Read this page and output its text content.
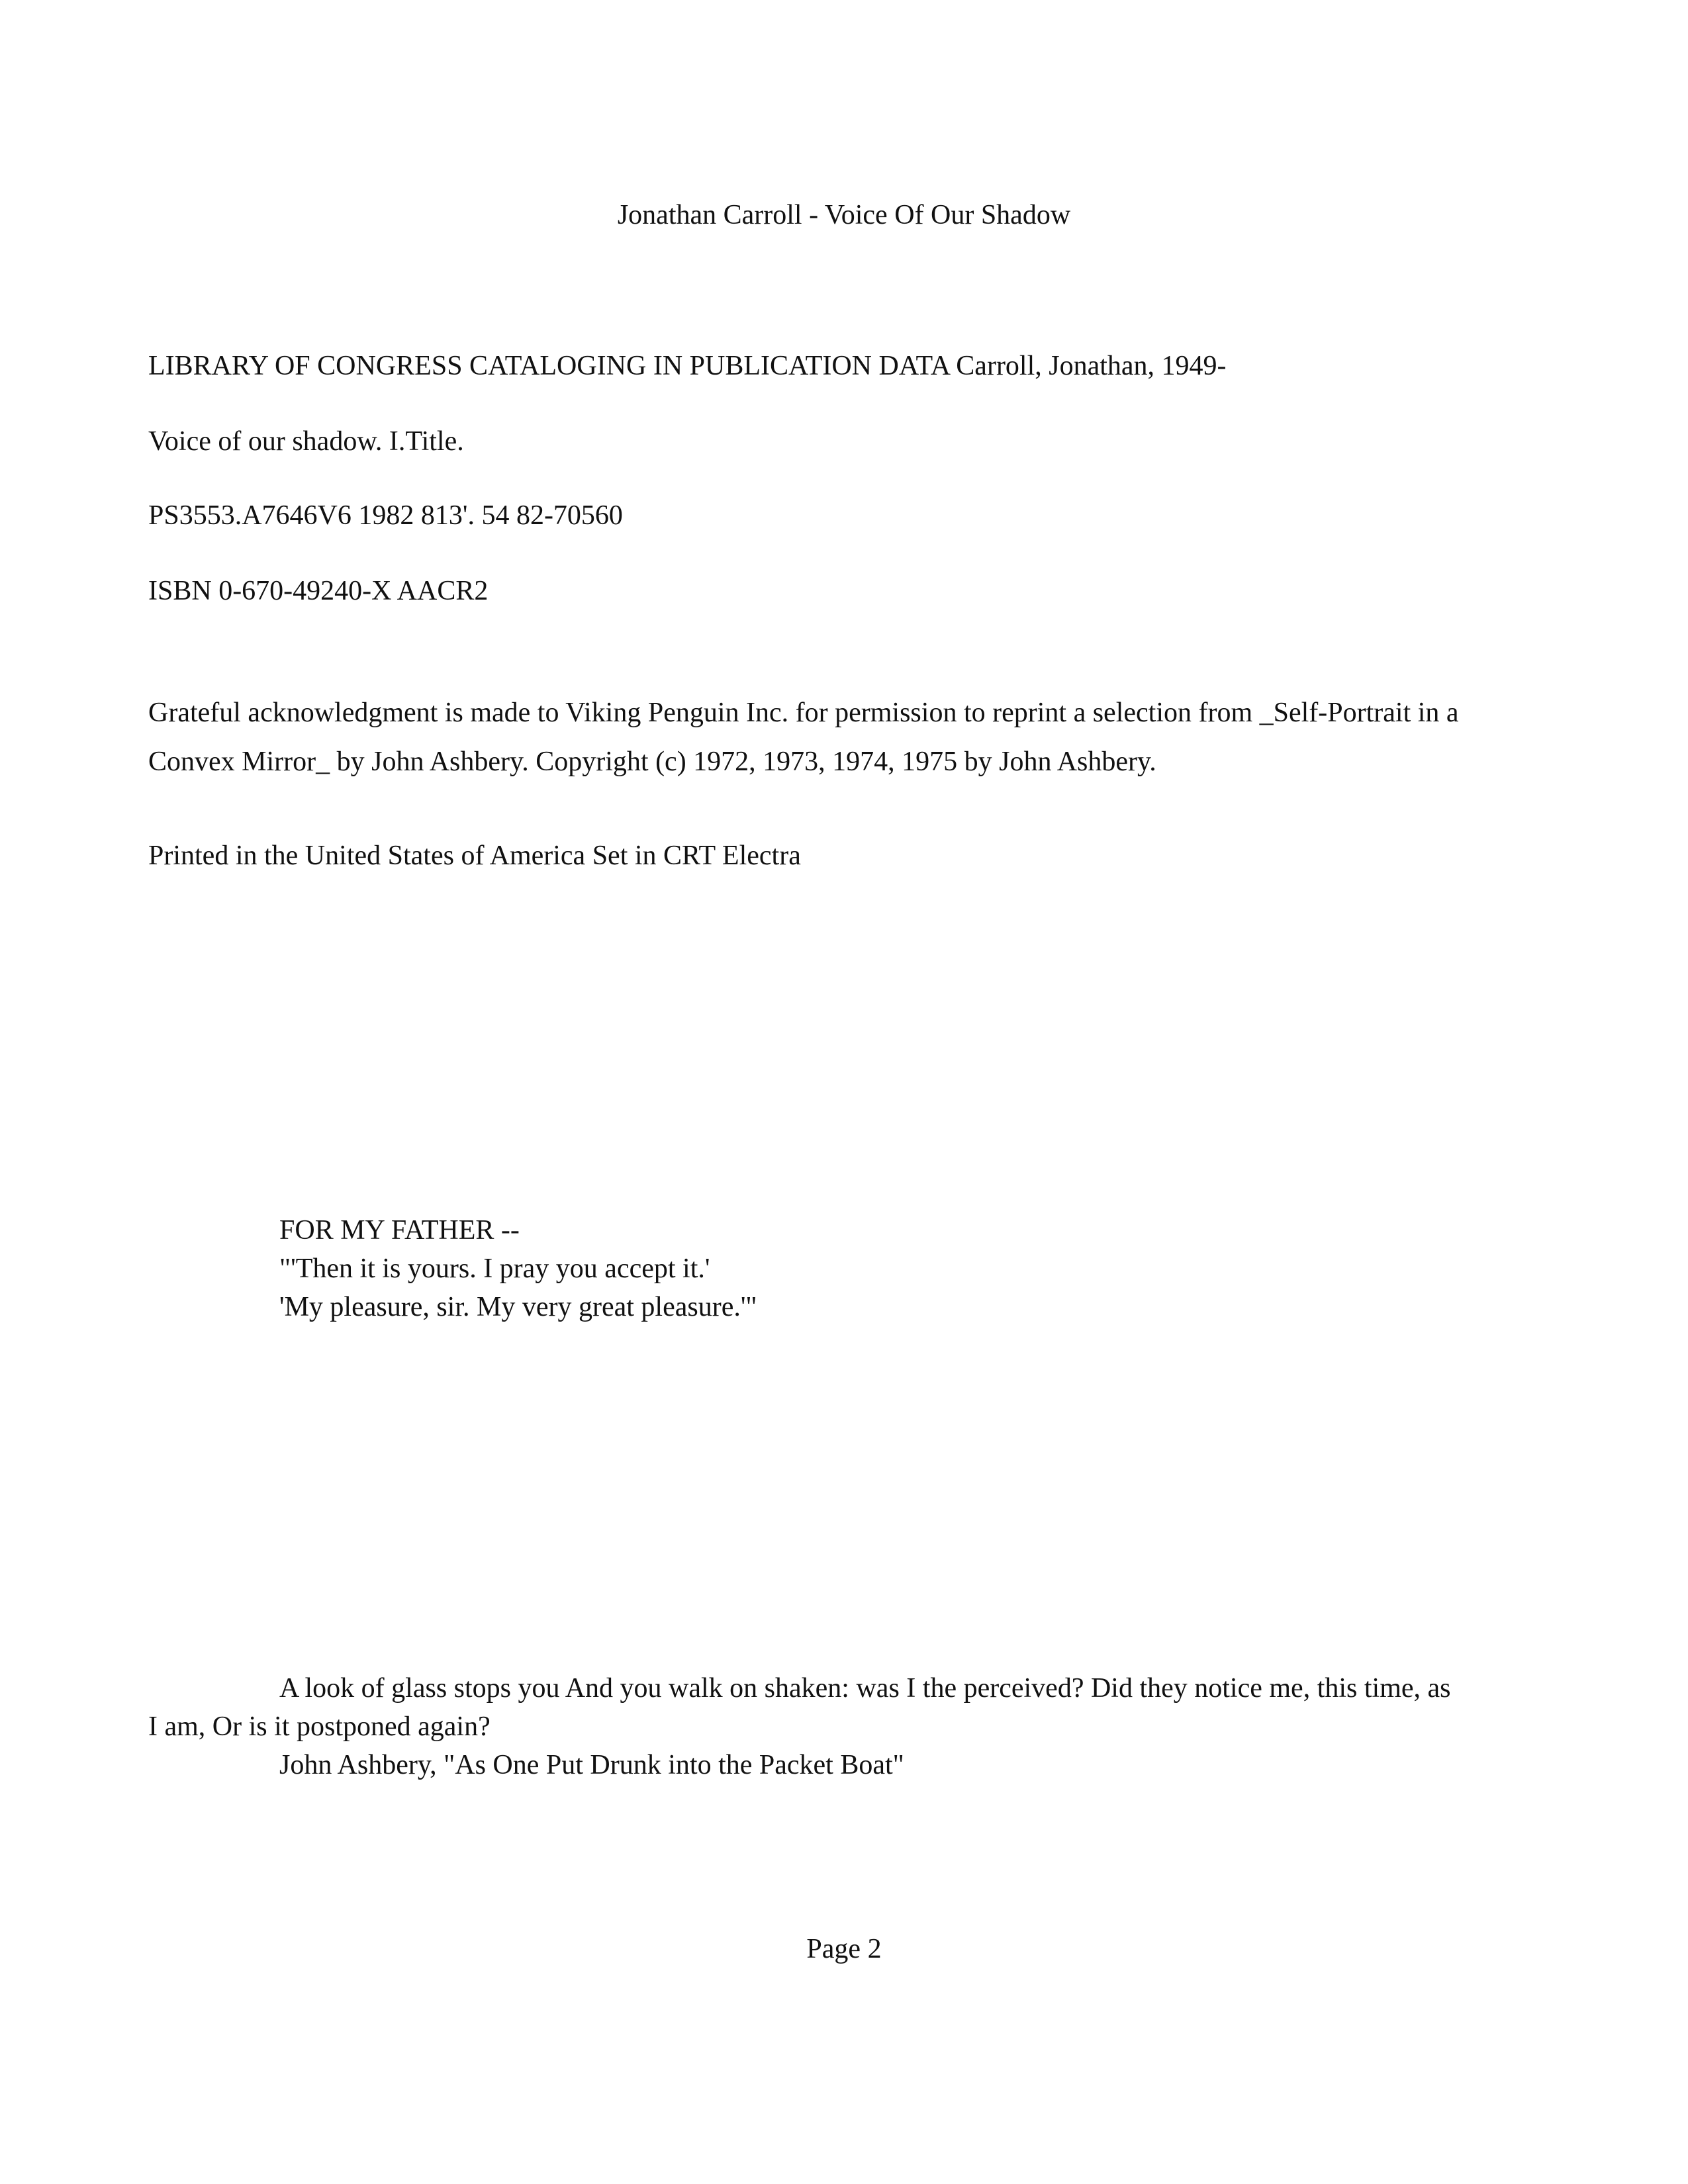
Jonathan Carroll - Voice Of Our Shadow
LIBRARY OF CONGRESS CATALOGING IN PUBLICATION DATA Carroll, Jonathan, 1949-
Voice of our shadow. I.Title.
PS3553.A7646V6 1982 813'. 54 82-70560
ISBN 0-670-49240-X AACR2
Grateful acknowledgment is made to Viking Penguin Inc. for permission to reprint a selection from _Self-Portrait in a Convex Mirror_ by John Ashbery. Copyright (c) 1972, 1973, 1974, 1975 by John Ashbery.
Printed in the United States of America Set in CRT Electra
FOR MY FATHER --
"'Then it is yours. I pray you accept it.'
'My pleasure, sir. My very great pleasure.'"
A look of glass stops you And you walk on shaken: was I the perceived? Did they notice me, this time, as
I am, Or is it postponed again?
John Ashbery, "As One Put Drunk into the Packet Boat"
Page 2
